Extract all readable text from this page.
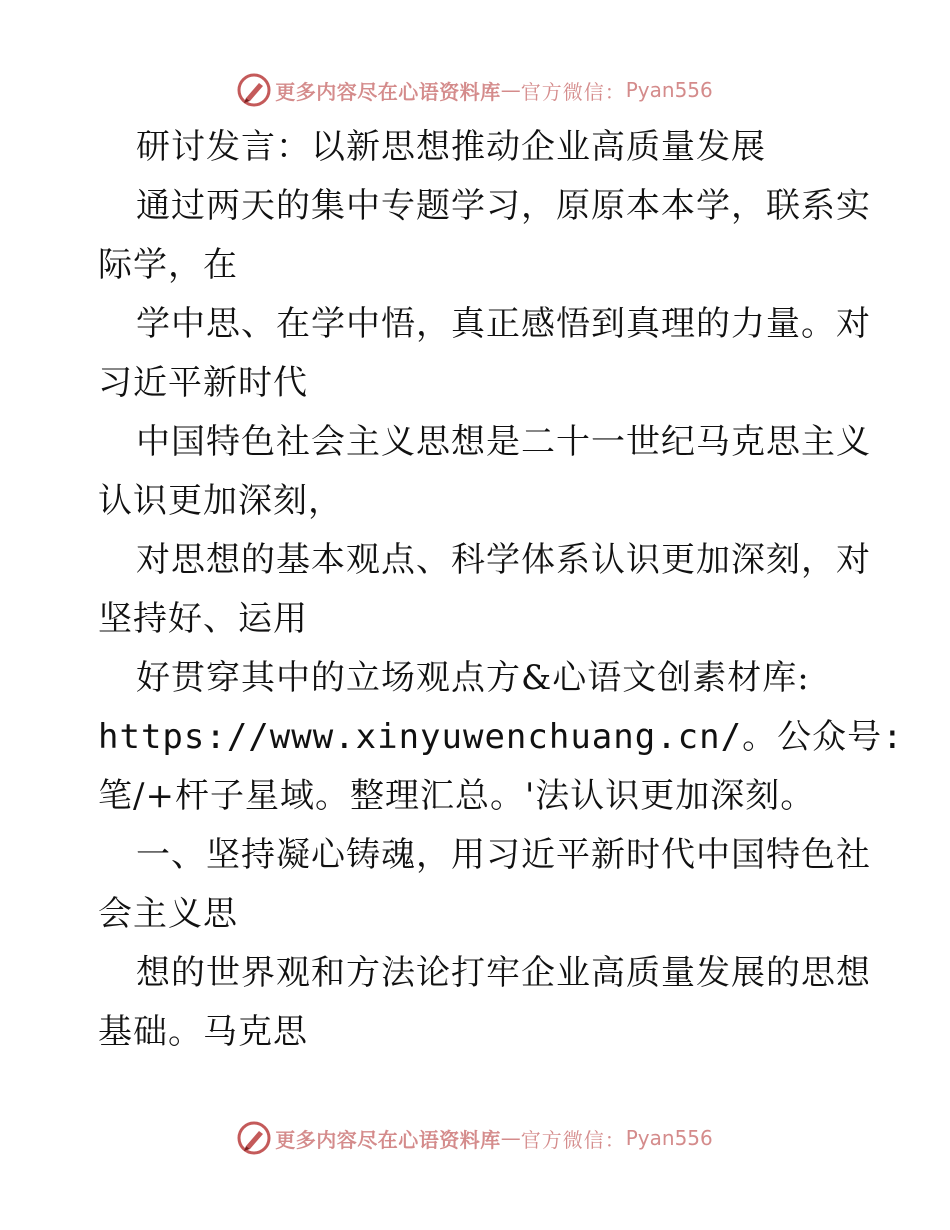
更多内容尽在心语资料库 — 官方微信： Pyan556
研讨发言：以新思想推动企业高质量发展
通过两天的集中专题学习，原原本本学，联系实
际学，在
学中思、在学中悟，真正感悟到真理的力量。对
习近平新时代
中国特色社会主义思想是二十一世纪马克思主义
认识更加深刻，
对思想的基本观点、科学体系认识更加深刻，对
坚持好、运用
好贯穿其中的立场观点方&心语文创素材库:
https://www.xinyuwenchuang.cn/。公众号:
笔/+杆子星域。整理汇总。'法认识更加深刻。
一、坚持凝心铸魂，用习近平新时代中国特色社
会主义思
想的世界观和方法论打牢企业高质量发展的思想
基础。马克思
更多内容尽在心语资料库 — 官方微信： Pyan556
